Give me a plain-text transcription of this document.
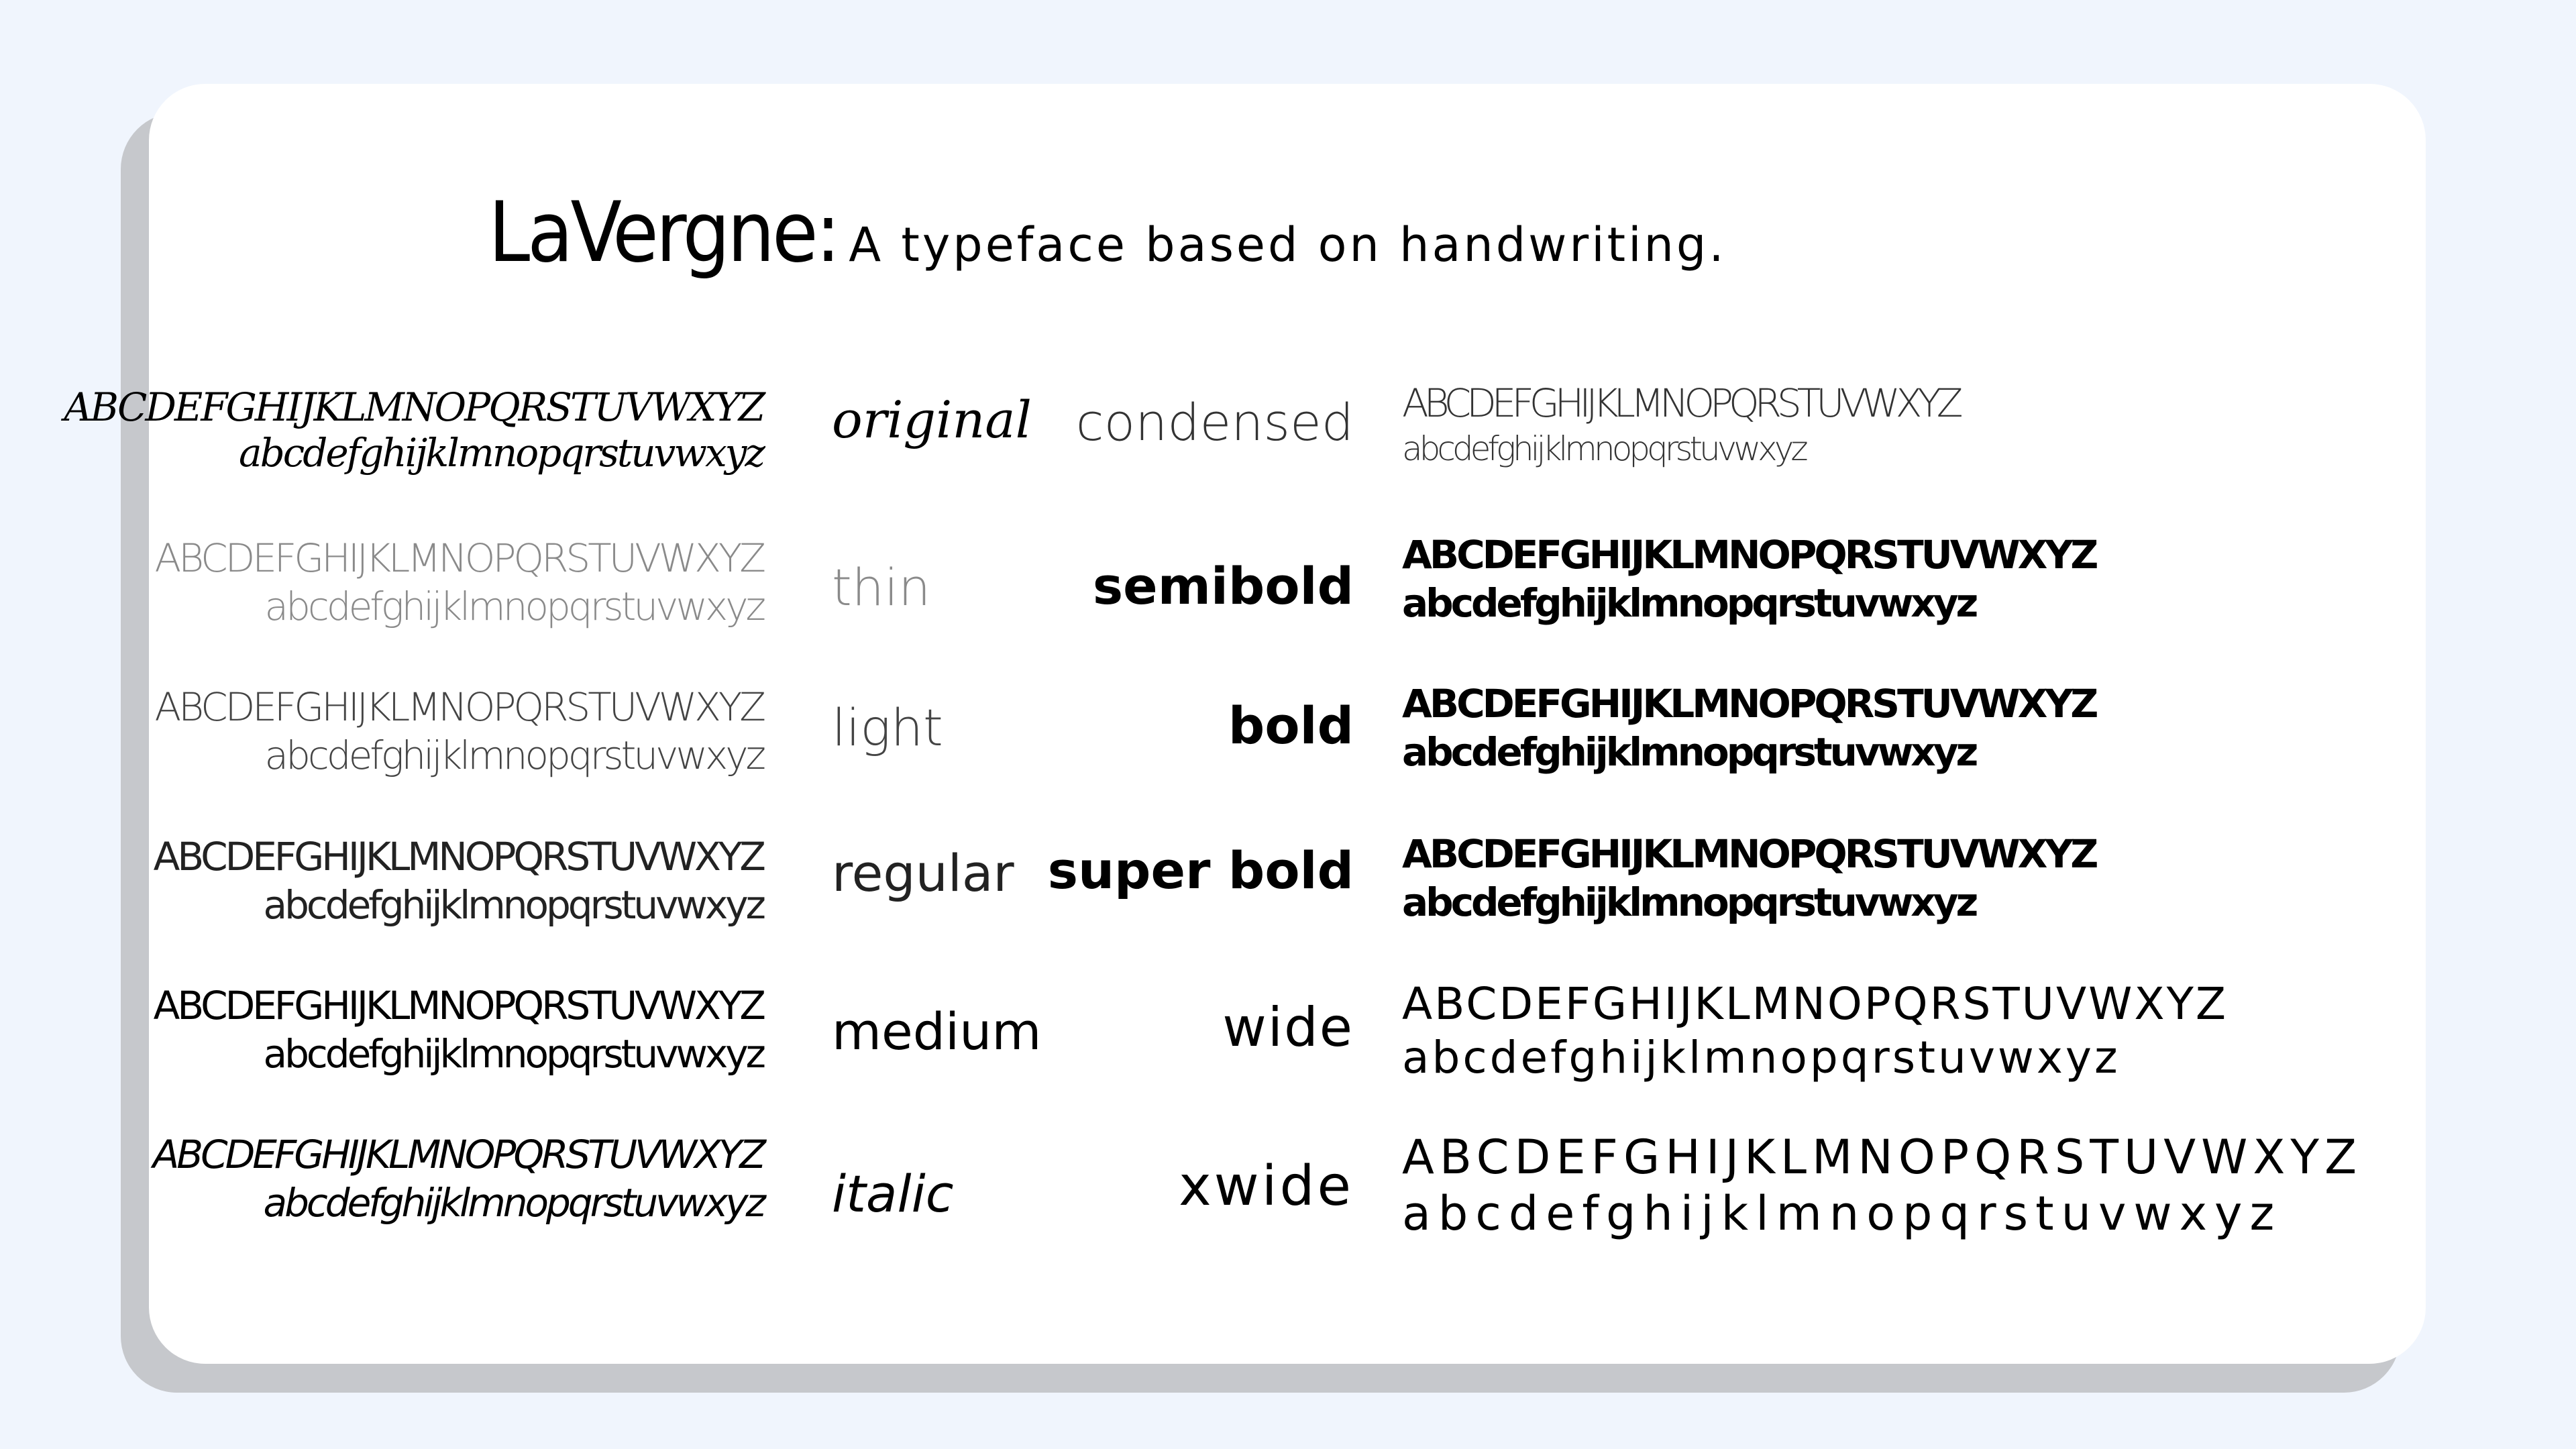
LaVergne: A typeface based on handwriting.
ABCDEFGHIJKLMNOPQRSTUVWXYZ
abcdefghijklmnopqrstuvwxyz
original
ABCDEFGHIJKLMNOPQRSTUVWXYZ
abcdefghijklmnopqrstuvwxyz thin
ABCDEFGHIJKLMNOPQRSTUVWXYZ
abcdefghijklmnopqrstuvwxyz light
ABCDEFGHIJKLMNOPQRSTUVWXYZ
abcdefghijklmnopqrstuvwxyz
regular
ABCDEFGHIJKLMNOPQRSTUVWXYZ
abcdefghijklmnopqrstuvwxyz medium
ABCDEFGHIJKLMNOPQRSTUVWXYZ
abcdefghijklmnopqrstuvwxyz italic
condensed
semibold
bold
super bold
wide
xwide
ABCDEFGHIJKLMNOPQRSTUVWXYZ
abcdefghijklmnopqrstuvwxyz
ABCDEFGHIJKLMNOPQRSTUVWXYZ
abcdefghijklmnopqrstuvwxyz
ABCDEFGHIJKLMNOPQRSTUVWXYZ
abcdefghijklmnopqrstuvwxyz
ABCDEFGHIJKLMNOPQRSTUVWXYZ
abcdefghijklmnopqrstuvwxyz
ABCDEFGHIJKLMNOPQRSTUVWXYZ
abcdefghijklmnopqrstuvwxyz
ABCDEFGHIJKLMNOPQRSTUVWXYZ
abcdefghijklmnopqrstuvwxyz
